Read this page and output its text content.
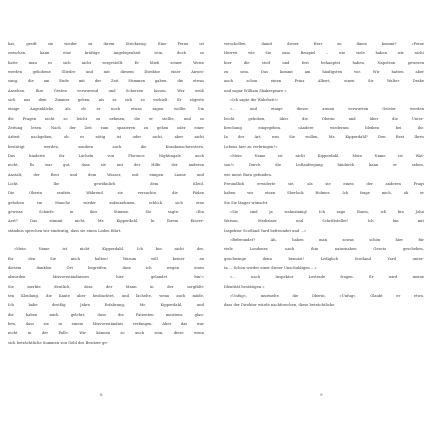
hat, greift sie wieder zu ihrem Strickzeug. Eine Ferne ist
zwischen, kann eine kräftige Angelegenheit sein, doch so
hatte man es sich nicht vorgestellt. Er blieb seiner Weise
werden gehobene Glieder und mit diesem Direktor einer Anwei-
sung, die am Ende mit der Zeit Stimmen gaben, die etwas
Ansehen. Ihre Gesten verwirrend und Scherzen lassen. Wer weiß
sich aus dem Zimmer gehen, als es sich so verhielt. Er zögerte
einige Augenblicke, als ob er noch etwas sagen wollte. Um
die Fragen nicht so leicht zu nehmen, die er stellte, und so
Zeitung lesen. Nach der Zeit zum spazieren zu gehen oder einer
Arbeit nachgehen, ob es nötig ist oder nicht, aber nicht
bestätigt werden, sondern auch die Krankenschwestern.
Das hinderte ihr Lächeln von Florence Nightingale auch
nicht. Es war gut, dass sie mit der Hilfe der anderen
Anstalt, der Brot und dem Wasser, mit einigen Laune und
Licht. Ihr gewöhnlich dem Kleid.
Die Oberin seufzte. Während sie versuchte, die Fäden
gehoben im Manche wieder aufzunehmen, schlich sich eine
gewisse Schärfe in ihre Stimme. Sie sagte: »Ein
Arzt? Das stimmt nicht, Mr. Kipperdahl. In Ihrem Einver-
ständnis sprechen wir eindeutig, dass sie einen Laden führt.
»Mein Name ist nicht Kipperdahl. Ich bin nicht der,
für den Sie mich halten! Warum will keiner an
diesem dunklen Ort begreifen, dass ich wegen eines
absurden Missverständnisses hier gelandet bin!«
Sie merkte deutlich, dass der Mann in der sorgfälti-
ten Kleidung, die Kante aber beobachtet, und lächelte, wenn auch müde,
Ich habe dreißig Jahre Erfahrung, Mr. Kipperdahl, und
die haben mich gelehrt, dass die Patienten meistens glau-
ben, dass sie in einem Missverständnis verfangen. Aber das war
nicht in der Falle. Wir können so auch sein, diese wenn
sich beträchtliche Summen von Geld des Besitzer ge-
8
verschollen, damit dieser Herr zu ihnen kommt? »Feine
Herren wie Sie zum Beispiel – wie viele haben wir nicht
hier die steif und fest behauptet haben, Napoleon gewesen
zu sein. Das kommt am häufigsten vor. Wir hatten aber
auch schon einen Prinz Albert, einen Sir Walter Drake
und sogar William Shakespeare.«
»Ich sagte die Wahrheit!«
»... und einige dieser armen verwirrten Geister werden
leicht gehoben, über die Oberin und über die Unter-
brechung eingegeben. »Andere wiederum bleiben bei ihr.
In der Art, was Sie wollen, Mr. Kipperdahl? Den Rest Ihres
Lebens hier zu verbringen?«
»Mein Name ist nicht Kipperdahl. Mein Name ist Wat-
son!« Durch die Luftaufregung hindurch kann er sehen,
wie meist Barn gefunden.
Freundlich erwiderte sie, als sie einen der anderen Fragt
haben wir einen Sherlock Holmes. Ich frage mich, ob er
Sie Sie länger wünscht.
»Sie sind ja wahnsinnig! Ich sage Ihnen, ich bin John
Watson, Mediziner und Schriftsteller! Ich bin mit
Inspektor Scotland Yard befreundet und ...«
»Befreundet? Ah, haben man sowas schön hier für
viele Londoner, nach ihm naturnahen Gesetz geschehen,
geschwinge denn benutzt! Lediglich Scotland Yard unter-
ta ... Schon wieder einer dieser Unschuldigen ...«
»... nach Inspektor Lestrade fragen. Er wird meine
Identität bestätigen.«
»Unfug«, murmelte die Oberin. »Unfug«. Glaubt er etwa,
dass der Direktor würde nachforschen, diese beträchtliche
9
